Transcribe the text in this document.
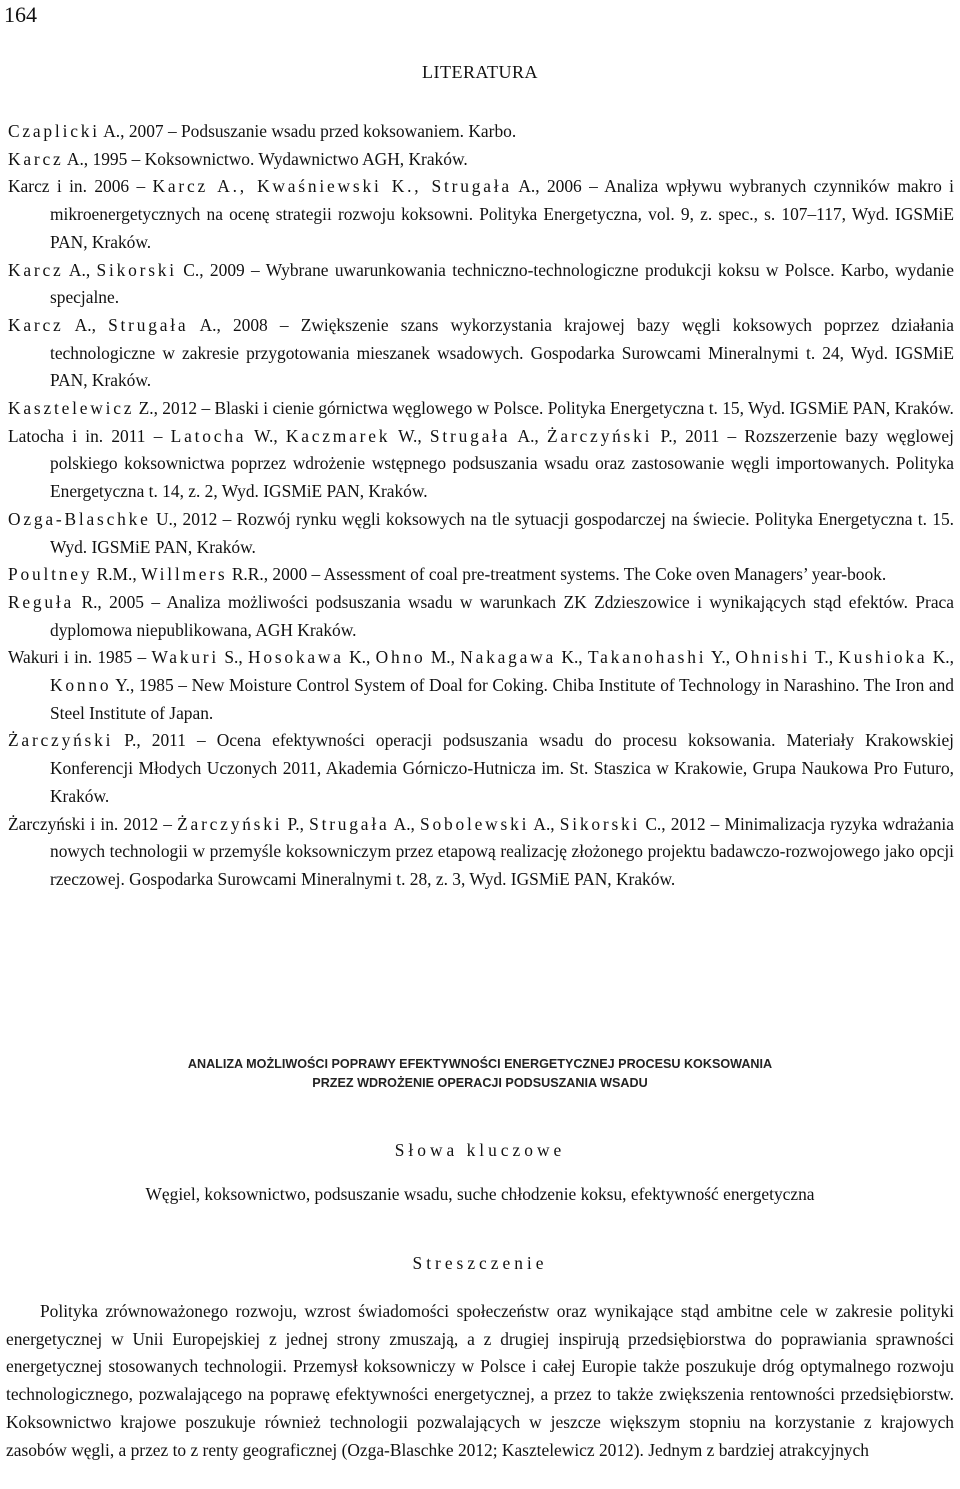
164
LITERATURA

Czaplicki A., 2007 – Podsuszanie wsadu przed koksowaniem. Karbo.

Karcz A., 1995 – Koksownictwo. Wydawnictwo AGH, Kraków.

Karcz i in. 2006 – Karcz A., Kwaśniewski K., Strugała A., 2006 – Analiza wpływu wybranych czynników makro i mikroenergetycznych na ocenę strategii rozwoju koksowni. Polityka Energetyczna, vol. 9, z. spec., s. 107–117, Wyd. IGSMiE PAN, Kraków.

Karcz A., Sikorski C., 2009 – Wybrane uwarunkowania techniczno-technologiczne produkcji koksu w Polsce. Karbo, wydanie specjalne.

Karcz A., Strugała A., 2008 – Zwiększenie szans wykorzystania krajowej bazy węgli koksowych poprzez działania technologiczne w zakresie przygotowania mieszanek wsadowych. Gospodarka Surowcami Mineralnymi t. 24, Wyd. IGSMiE PAN, Kraków.

Kasztelewicz Z., 2012 – Blaski i cienie górnictwa węglowego w Polsce. Polityka Energetyczna t. 15, Wyd. IGSMiE PAN, Kraków.

Latocha i in. 2011 – Latocha W., Kaczmarek W., Strugała A., Żarczyński P., 2011 – Rozszerzenie bazy węglowej polskiego koksownictwa poprzez wdrożenie wstępnego podsuszania wsadu oraz zastosowanie węgli importowanych. Polityka Energetyczna t. 14, z. 2, Wyd. IGSMiE PAN, Kraków.

Ozga-Blaschke U., 2012 – Rozwój rynku węgli koksowych na tle sytuacji gospodarczej na świecie. Polityka Energetyczna t. 15. Wyd. IGSMiE PAN, Kraków.

Poultney R.M., Willmers R.R., 2000 – Assessment of coal pre-treatment systems. The Coke oven Managers’ year-book.

Reguła R., 2005 – Analiza możliwości podsuszania wsadu w warunkach ZK Zdzieszowice i wynikających stąd efektów. Praca dyplomowa niepublikowana, AGH Kraków.

Wakuri i in. 1985 – Wakuri S., Hosokawa K., Ohno M., Nakagawa K., Takanohashi Y., Ohnishi T., Kushioka K., Konno Y., 1985 – New Moisture Control System of Doal for Coking. Chiba Institute of Technology in Narashino. The Iron and Steel Institute of Japan.

Żarczyński P., 2011 – Ocena efektywności operacji podsuszania wsadu do procesu koksowania. Materiały Krakowskiej Konferencji Młodych Uczonych 2011, Akademia Górniczo-Hutnicza im. St. Staszica w Krakowie, Grupa Naukowa Pro Futuro, Kraków.

Żarczyński i in. 2012 – Żarczyński P., Strugała A., Sobolewski A., Sikorski C., 2012 – Minimalizacja ryzyka wdrażania nowych technologii w przemyśle koksowniczym przez etapową realizację złożonego projektu badawczo-rozwojowego jako opcji rzeczowej. Gospodarka Surowcami Mineralnymi t. 28, z. 3, Wyd. IGSMiE PAN, Kraków.

ANALIZA MOŻLIWOŚCI POPRAWY EFEKTYWNOŚCI ENERGETYCZNEJ PROCESU KOKSOWANIA
PRZEZ WDROŻENIE OPERACJI PODSUSZANIA WSADU
Słowa kluczowe
Węgiel, koksownictwo, podsuszanie wsadu, suche chłodzenie koksu, efektywność energetyczna
Streszczenie

Polityka zrównoważonego rozwoju, wzrost świadomości społeczeństw oraz wynikające stąd ambitne cele w zakresie polityki energetycznej w Unii Europejskiej z jednej strony zmuszają, a z drugiej inspirują przedsiębiorstwa do poprawiania sprawności energetycznej stosowanych technologii. Przemysł koksowniczy w Polsce i całej Europie także poszukuje dróg optymalnego rozwoju technologicznego, pozwalającego na poprawę efektywności energetycznej, a przez to także zwiększenia rentowności przedsiębiorstw. Koksownictwo krajowe poszukuje również technologii pozwalających w jeszcze większym stopniu na korzystanie z krajowych zasobów węgli, a przez to z renty geograficznej (Ozga-Blaschke 2012; Kasztelewicz 2012). Jednym z bardziej atrakcyjnych
